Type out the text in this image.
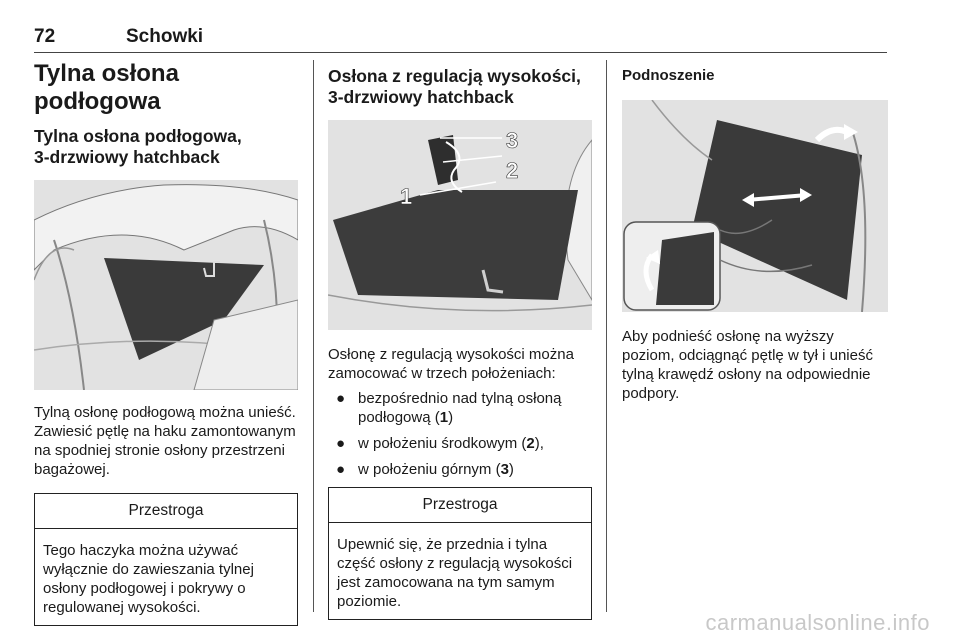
72	Schowki
Tylna osłona podłogowa
Tylna osłona podłogowa,
3-drzwiowy hatchback

Tylną osłonę podłogową można unieść. Zawiesić pętlę na haku zamontowanym na spodniej stronie osłony przestrzeni bagażowej.

Przestroga
Tego haczyka można używać wyłącznie do zawieszania tylnej osłony podłogowej i pokrywy o regulowanej wysokości.
Osłona z regulacją wysokości,
3-drzwiowy hatchback
1
2
3

Osłonę z regulacją wysokości można zamocować w trzech położeniach:

● bezpośrednio nad tylną osłoną podłogową (1)
● w położeniu środkowym (2),
● w położeniu górnym (3)
Przestroga
Upewnić się, że przednia i tylna część osłony z regulacją wysokości jest zamocowana na tym samym poziomie.
Podnoszenie

Aby podnieść osłonę na wyższy poziom, odciągnąć pętlę w tył i unieść tylną krawędź osłony na odpowiednie podpory.

carmanualsonline.info
